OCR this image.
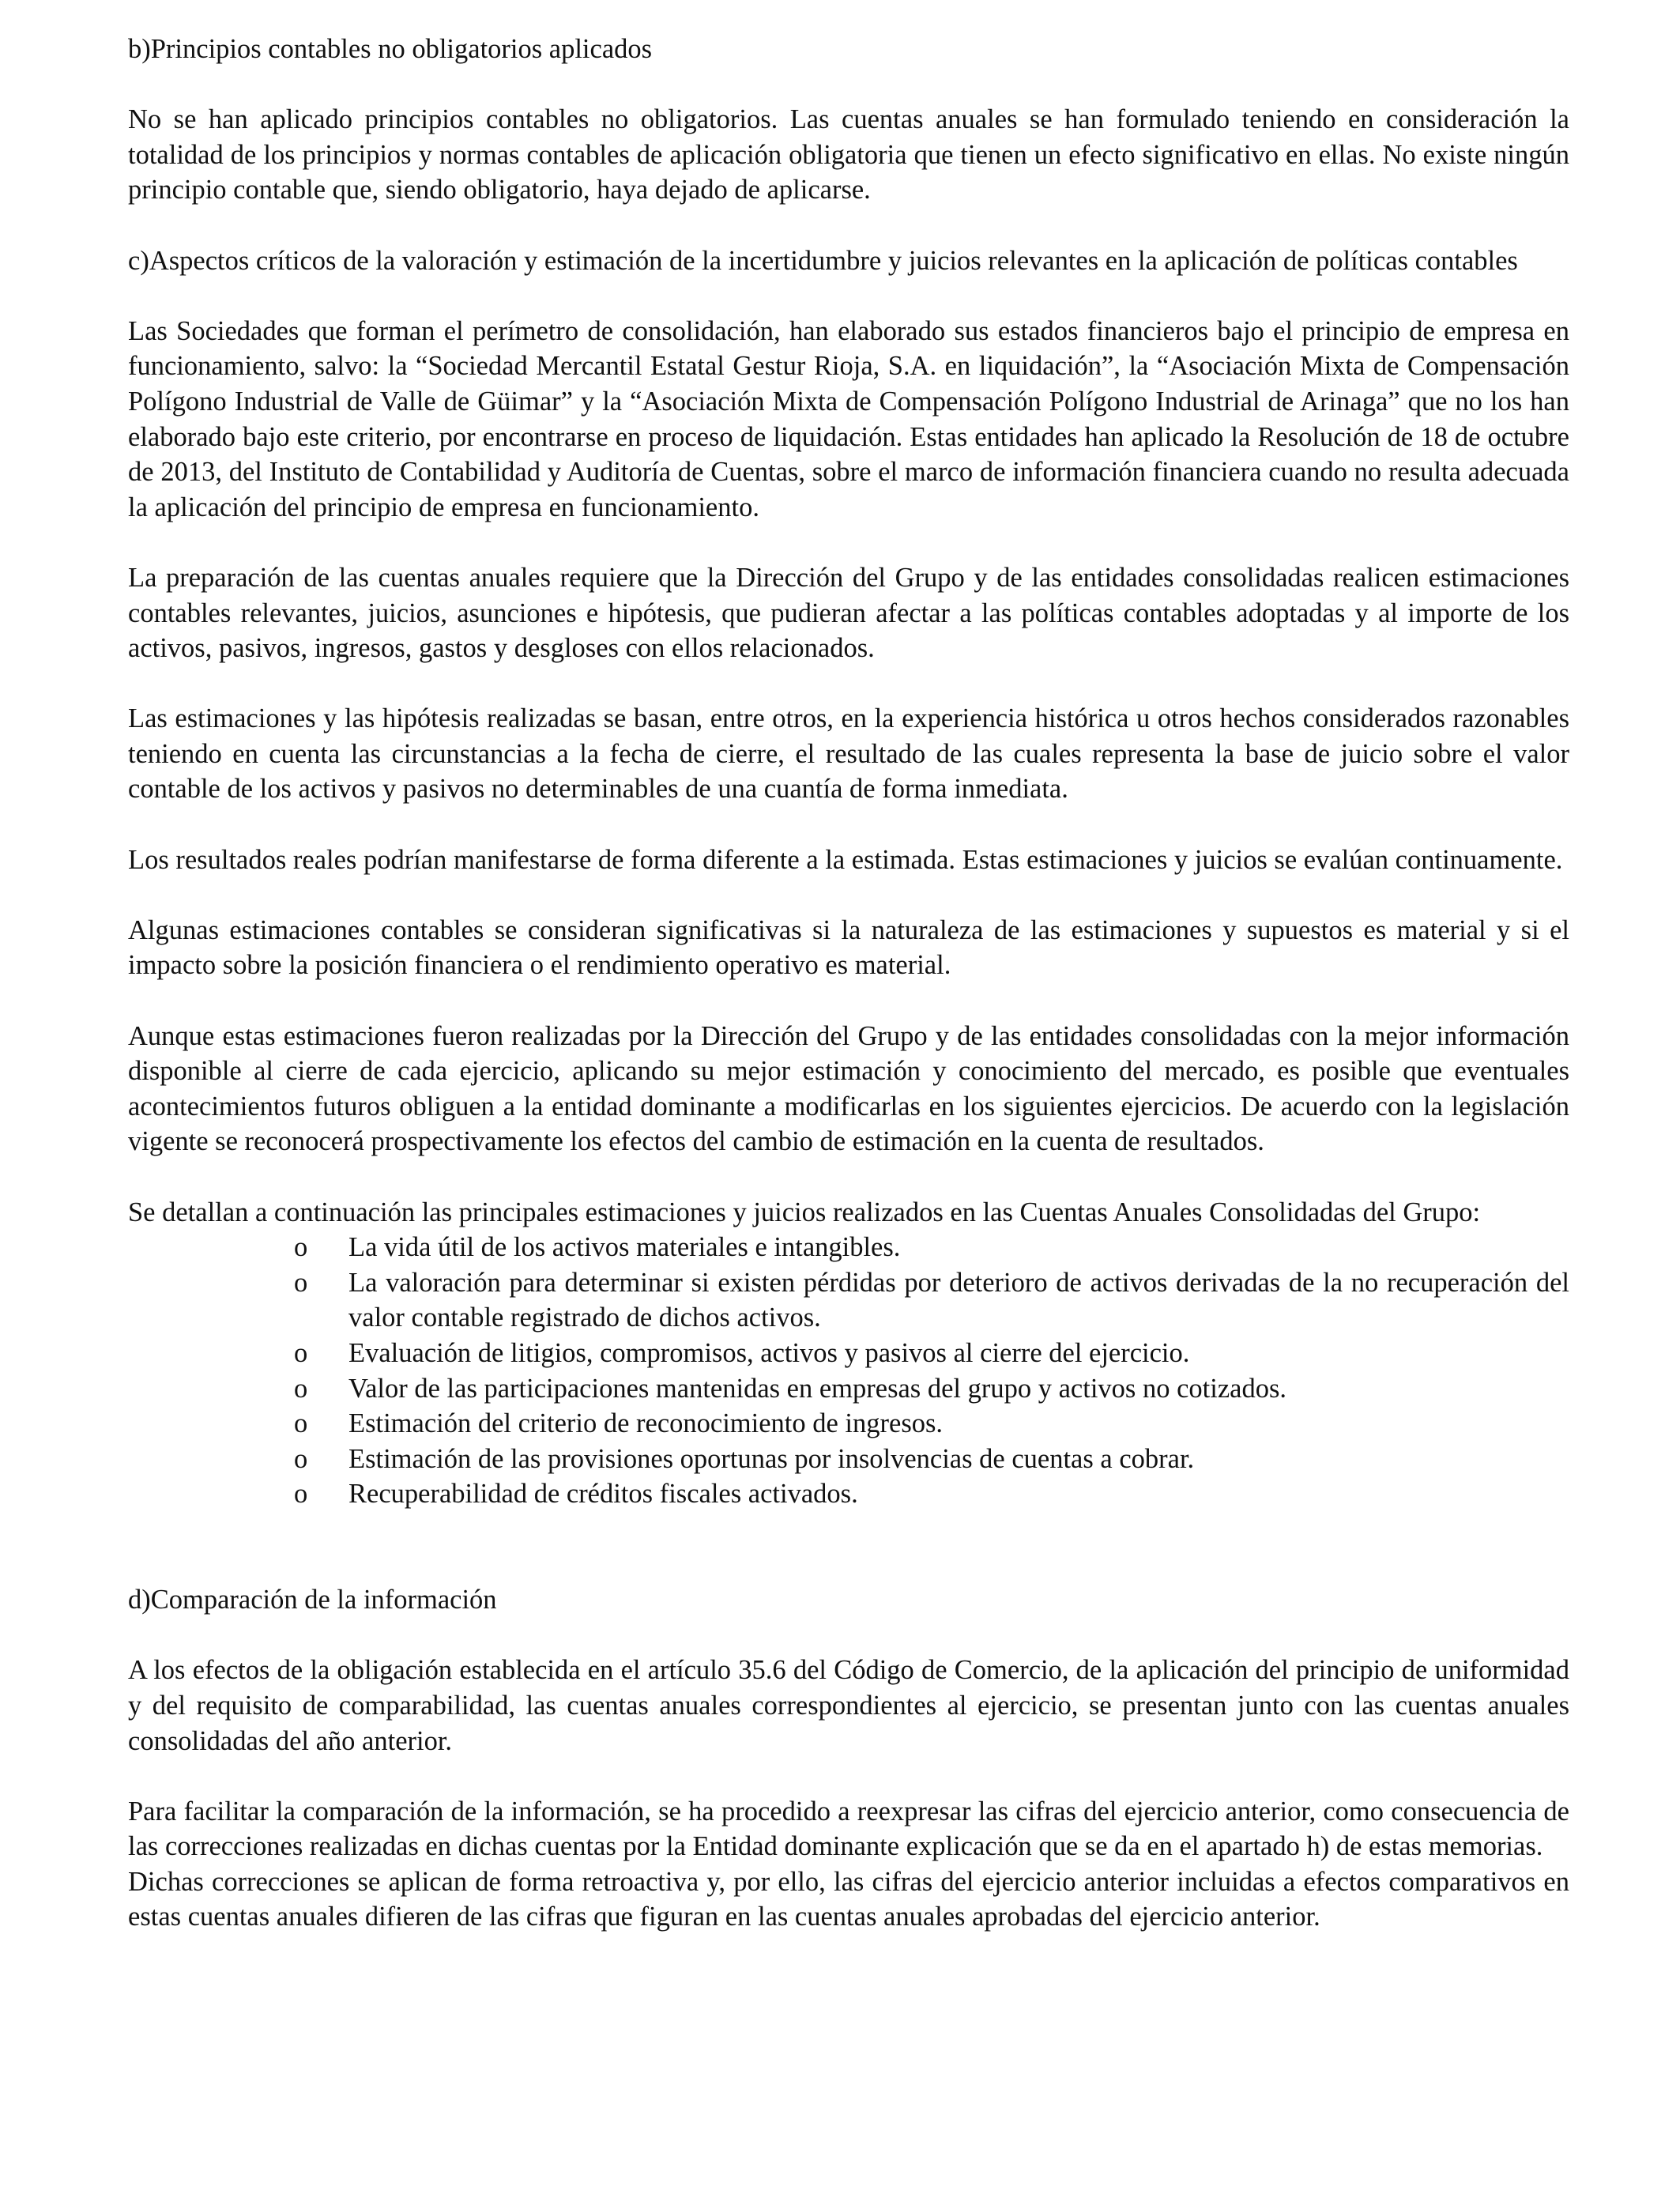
b)Principios contables no obligatorios aplicados

No se han aplicado principios contables no obligatorios. Las cuentas anuales se han formulado teniendo en consideración la totalidad de los principios y normas contables de aplicación obligatoria que tienen un efecto significativo en ellas. No existe ningún principio contable que, siendo obligatorio, haya dejado de aplicarse.

c)Aspectos críticos de la valoración y estimación de la incertidumbre y juicios relevantes en la aplicación de políticas contables

Las Sociedades que forman el perímetro de consolidación, han elaborado sus estados financieros bajo el principio de empresa en funcionamiento, salvo: la “Sociedad Mercantil Estatal Gestur Rioja, S.A. en liquidación”, la “Asociación Mixta de Compensación Polígono Industrial de Valle de Güimar” y la “Asociación Mixta de Compensación Polígono Industrial de Arinaga” que no los han elaborado bajo este criterio, por encontrarse en proceso de liquidación. Estas entidades han aplicado la Resolución de 18 de octubre de 2013, del Instituto de Contabilidad y Auditoría de Cuentas, sobre el marco de información financiera cuando no resulta adecuada la aplicación del principio de empresa en funcionamiento.

La preparación de las cuentas anuales requiere que la Dirección del Grupo y de las entidades consolidadas realicen estimaciones contables relevantes, juicios, asunciones e hipótesis, que pudieran afectar a las políticas contables adoptadas y al importe de los activos, pasivos, ingresos, gastos y desgloses con ellos relacionados.

Las estimaciones y las hipótesis realizadas se basan, entre otros, en la experiencia histórica u otros hechos considerados razonables teniendo en cuenta las circunstancias a la fecha de cierre, el resultado de las cuales representa la base de juicio sobre el valor contable de los activos y pasivos no determinables de una cuantía de forma inmediata.

Los resultados reales podrían manifestarse de forma diferente a la estimada. Estas estimaciones y juicios se evalúan continuamente.

Algunas estimaciones contables se consideran significativas si la naturaleza de las estimaciones y supuestos es material y si el impacto sobre la posición financiera o el rendimiento operativo es material.

Aunque estas estimaciones fueron realizadas por la Dirección del Grupo y de las entidades consolidadas con la mejor información disponible al cierre de cada ejercicio, aplicando su mejor estimación y conocimiento del mercado, es posible que eventuales acontecimientos futuros obliguen a la entidad dominante a modificarlas en los siguientes ejercicios. De acuerdo con la legislación vigente se reconocerá prospectivamente los efectos del cambio de estimación en la cuenta de resultados.

Se detallan a continuación las principales estimaciones y juicios realizados en las Cuentas Anuales Consolidadas del Grupo:

o La vida útil de los activos materiales e intangibles.
o La valoración para determinar si existen pérdidas por deterioro de activos derivadas de la no recuperación del valor contable registrado de dichos activos.
o Evaluación de litigios, compromisos, activos y pasivos al cierre del ejercicio.
o Valor de las participaciones mantenidas en empresas del grupo y activos no cotizados.
o Estimación del criterio de reconocimiento de ingresos.
o Estimación de las provisiones oportunas por insolvencias de cuentas a cobrar.
o Recuperabilidad de créditos fiscales activados.
d)Comparación de la información

A los efectos de la obligación establecida en el artículo 35.6 del Código de Comercio, de la aplicación del principio de uniformidad y del requisito de comparabilidad, las cuentas anuales correspondientes al ejercicio, se presentan junto con las cuentas anuales consolidadas del año anterior.

Para facilitar la comparación de la información, se ha procedido a reexpresar las cifras del ejercicio anterior, como consecuencia de las correcciones realizadas en dichas cuentas por la Entidad dominante explicación que se da en el apartado h) de estas memorias.

Dichas correcciones se aplican de forma retroactiva y, por ello, las cifras del ejercicio anterior incluidas a efectos comparativos en estas cuentas anuales difieren de las cifras que figuran en las cuentas anuales aprobadas del ejercicio anterior.
